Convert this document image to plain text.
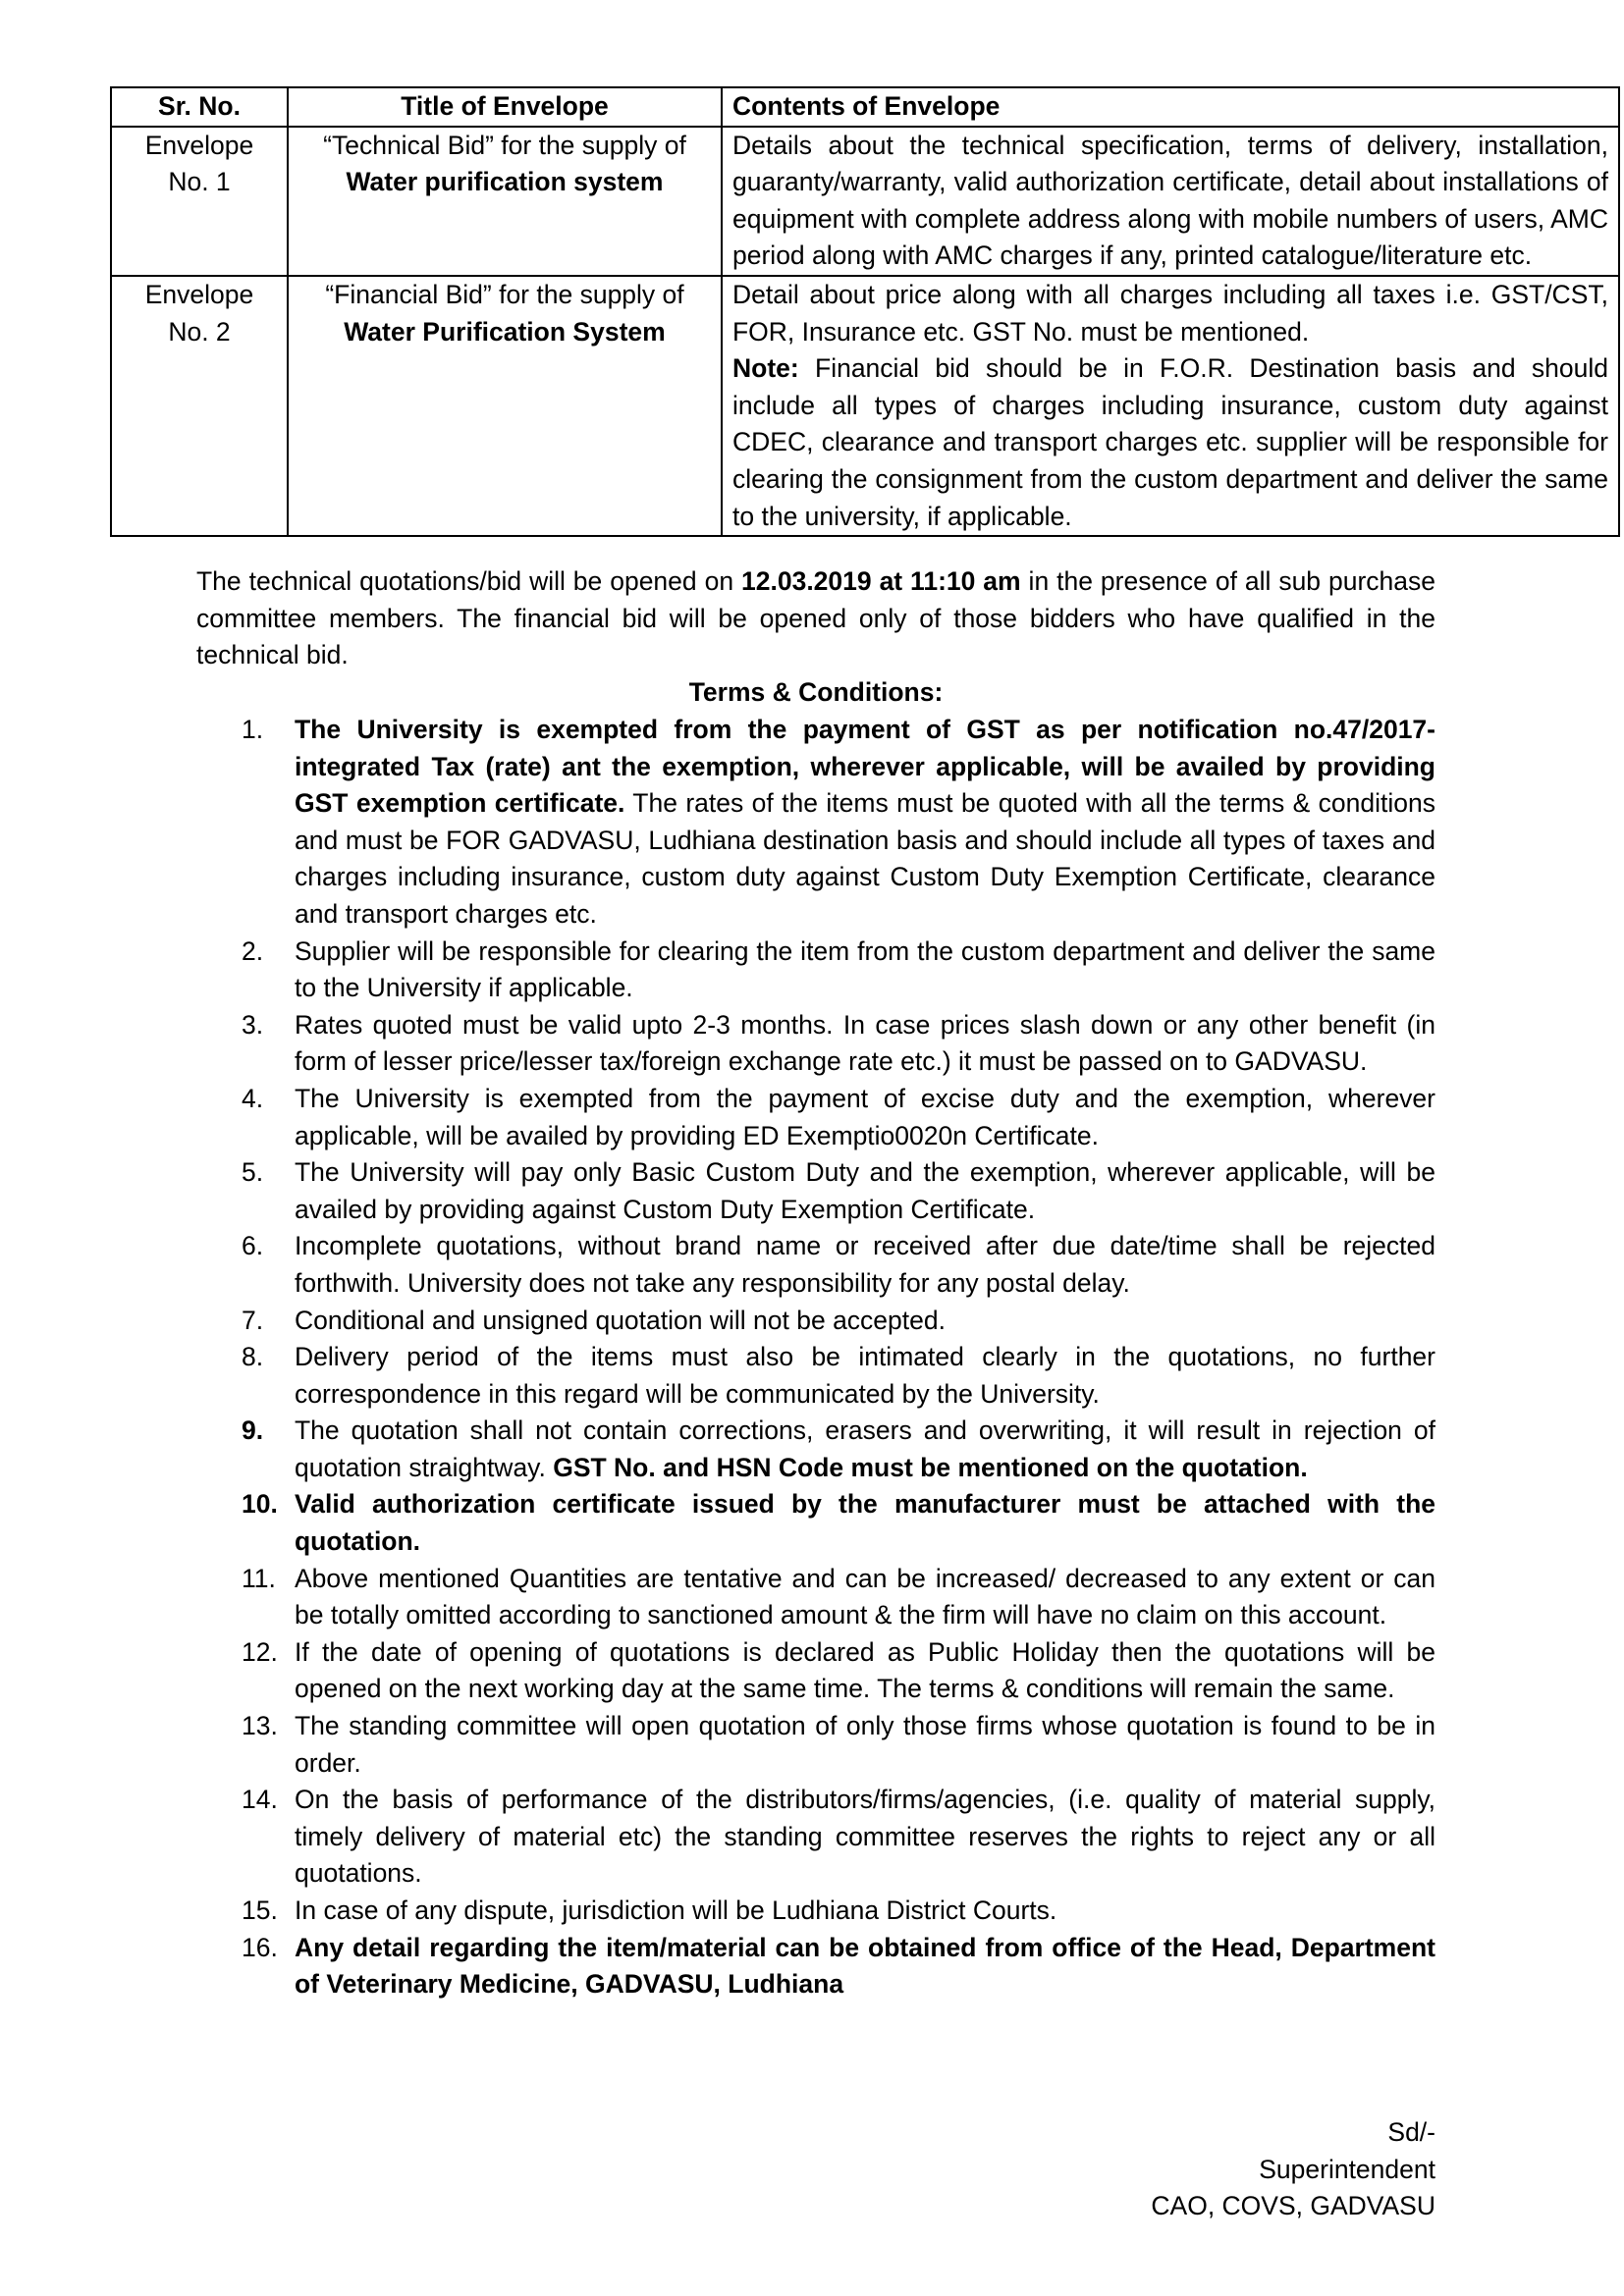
Sr. No.	Title of Envelope	Contents of Envelope
Envelope No. 1	“Technical Bid” for the supply of Water purification system	Details about the technical specification, terms of delivery, installation, guaranty/warranty, valid authorization certificate, detail about installations of equipment with complete address along with mobile numbers of users, AMC period along with AMC charges if any, printed catalogue/literature etc.
Envelope No. 2	“Financial Bid” for the supply of Water Purification System	Detail about price along with all charges including all taxes i.e. GST/CST, FOR, Insurance etc. GST No. must be mentioned.
Note: Financial bid should be in F.O.R. Destination basis and should include all types of charges including insurance, custom duty against CDEC, clearance and transport charges etc. supplier will be responsible for clearing the consignment from the custom department and deliver the same to the university, if applicable.
The technical quotations/bid will be opened on 12.03.2019 at 11:10 am in the presence of all sub purchase committee members. The financial bid will be opened only of those bidders who have qualified in the technical bid.
Terms & Conditions:
1.	The University is exempted from the payment of GST as per notification no.47/2017-integrated Tax (rate) ant the exemption, wherever applicable, will be availed by providing GST exemption certificate. The rates of the items must be quoted with all the terms & conditions and must be FOR GADVASU, Ludhiana destination basis and should include all types of taxes and charges including insurance, custom duty against Custom Duty Exemption Certificate, clearance and transport charges etc.
2.	Supplier will be responsible for clearing the item from the custom department and deliver the same to the University if applicable.
3.	Rates quoted must be valid upto 2-3 months. In case prices slash down or any other benefit (in form of lesser price/lesser tax/foreign exchange rate etc.) it must be passed on to GADVASU.
4.	The University is exempted from the payment of excise duty and the exemption, wherever applicable, will be availed by providing ED Exemptio0020n Certificate.
5.	The University will pay only Basic Custom Duty and the exemption, wherever applicable, will be availed by providing against Custom Duty Exemption Certificate.
6.	Incomplete quotations, without brand name or received after due date/time shall be rejected forthwith. University does not take any responsibility for any postal delay.
7.	Conditional and unsigned quotation will not be accepted.
8.	Delivery period of the items must also be intimated clearly in the quotations, no further correspondence in this regard will be communicated by the University.
9.	The quotation shall not contain corrections, erasers and overwriting, it will result in rejection of quotation straightway. GST No. and HSN Code must be mentioned on the quotation.
10. Valid authorization certificate issued by the manufacturer must be attached with the quotation.
11. Above mentioned Quantities are tentative and can be increased/ decreased to any extent or can be totally omitted according to sanctioned amount & the firm will have no claim on this account.
12. If the date of opening of quotations is declared as Public Holiday then the quotations will be opened on the next working day at the same time. The terms & conditions will remain the same.
13. The standing committee will open quotation of only those firms whose quotation is found to be in order.
14. On the basis of performance of the distributors/firms/agencies, (i.e. quality of material supply, timely delivery of material etc) the standing committee reserves the rights to reject any or all quotations.
15. In case of any dispute, jurisdiction will be Ludhiana District Courts.
16. Any detail regarding the item/material can be obtained from office of the Head, Department of Veterinary Medicine, GADVASU, Ludhiana
Sd/-
Superintendent
CAO, COVS, GADVASU
